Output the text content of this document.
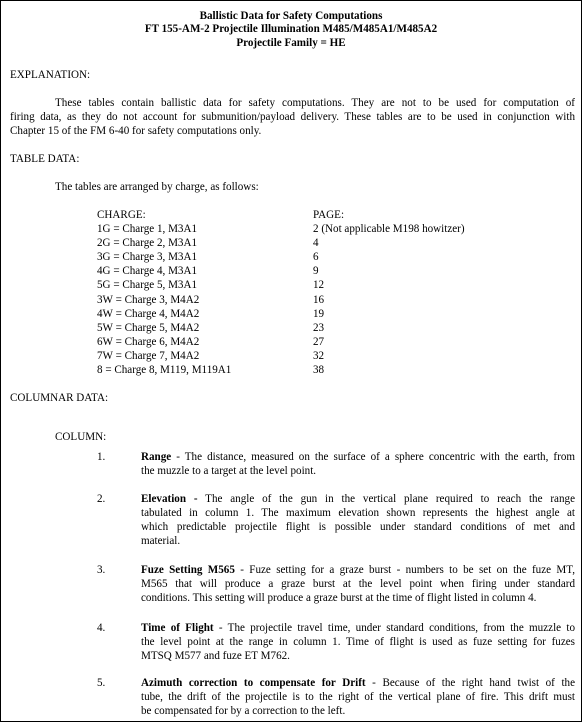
Ballistic Data for Safety Computations
FT 155-AM-2 Projectile Illumination M485/M485A1/M485A2
Projectile Family = HE
EXPLANATION:
These tables contain ballistic data for safety computations. They are not to be used for computation of
firing data, as they do not account for submunition/payload delivery. These tables are to be used in conjunction with
Chapter 15 of the FM 6-40 for safety computations only.
TABLE DATA:
The tables are arranged by charge, as follows:
CHARGE:	PAGE:
1G = Charge 1, M3A1	2 (Not applicable M198 howitzer)
2G = Charge 2, M3A1	4
3G = Charge 3, M3A1	6
4G = Charge 4, M3A1	9
5G = Charge 5, M3A1	12
3W = Charge 3, M4A2	16
4W = Charge 4, M4A2	19
5W = Charge 5, M4A2	23
6W = Charge 6, M4A2	27
7W = Charge 7, M4A2	32
8 = Charge 8, M119, M119A1	38
COLUMNAR DATA:
COLUMN:
1.	Range - The distance, measured on the surface of a sphere concentric with the earth, from
the muzzle to a target at the level point.
2.	Elevation - The angle of the gun in the vertical plane required to reach the range
tabulated in column 1. The maximum elevation shown represents the highest angle at
which predictable projectile flight is possible under standard conditions of met and
material.
3.	Fuze Setting M565 - Fuze setting for a graze burst - numbers to be set on the fuze MT,
M565 that will produce a graze burst at the level point when firing under standard
conditions. This setting will produce a graze burst at the time of flight listed in column 4.
4.	Time of Flight - The projectile travel time, under standard conditions, from the muzzle to
the level point at the range in column 1. Time of flight is used as fuze setting for fuzes
MTSQ M577 and fuze ET M762.
5.	Azimuth correction to compensate for Drift - Because of the right hand twist of the
tube, the drift of the projectile is to the right of the vertical plane of fire. This drift must
be compensated for by a correction to the left.
